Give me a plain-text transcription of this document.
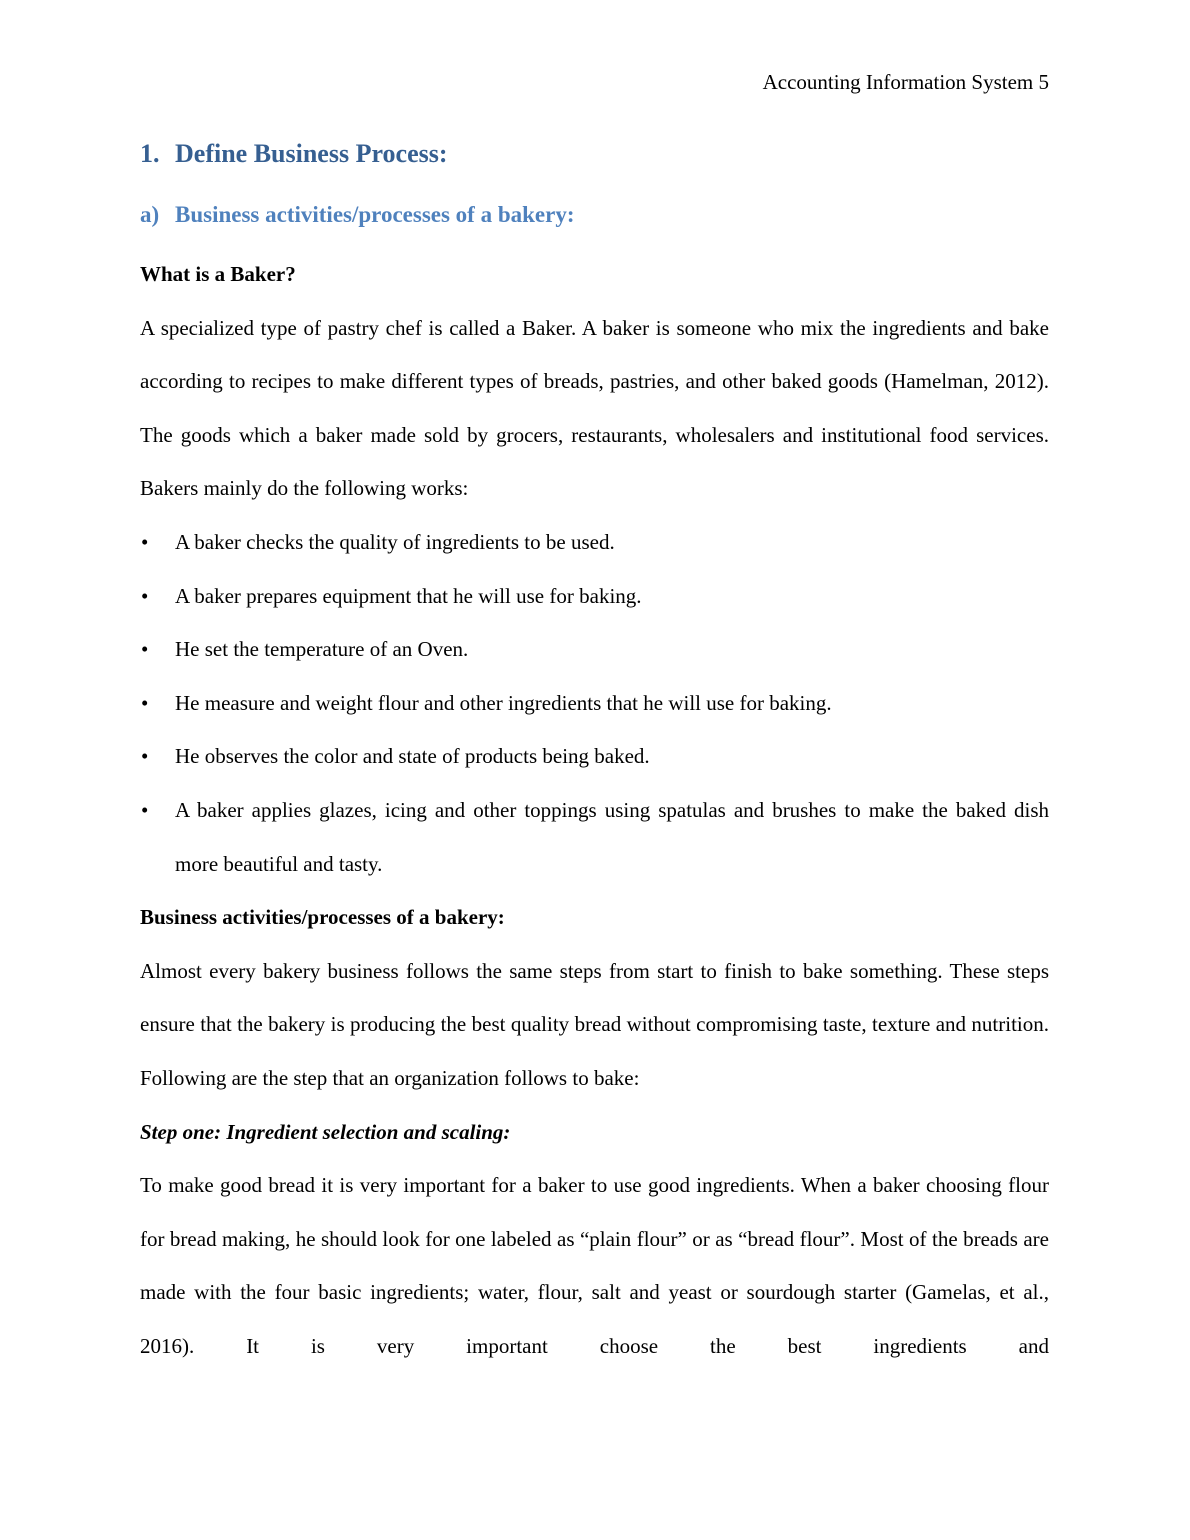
Accounting Information System 5
1. Define Business Process:
a) Business activities/processes of a bakery:

What is a Baker?

A specialized type of pastry chef is called a Baker. A baker is someone who mix the ingredients and bake according to recipes to make different types of breads, pastries, and other baked goods (Hamelman, 2012). The goods which a baker made sold by grocers, restaurants, wholesalers and institutional food services. Bakers mainly do the following works:

• A baker checks the quality of ingredients to be used.
• A baker prepares equipment that he will use for baking.
• He set the temperature of an Oven.
• He measure and weight flour and other ingredients that he will use for baking.
• He observes the color and state of products being baked.
• A baker applies glazes, icing and other toppings using spatulas and brushes to make the baked dish more beautiful and tasty.

Business activities/processes of a bakery:

Almost every bakery business follows the same steps from start to finish to bake something. These steps ensure that the bakery is producing the best quality bread without compromising taste, texture and nutrition. Following are the step that an organization follows to bake:

Step one: Ingredient selection and scaling:

To make good bread it is very important for a baker to use good ingredients. When a baker choosing flour for bread making, he should look for one labeled as “plain flour” or as “bread flour”. Most of the breads are made with the four basic ingredients; water, flour, salt and yeast or sourdough starter (Gamelas, et al., 2016). It is very important choose the best ingredients and
